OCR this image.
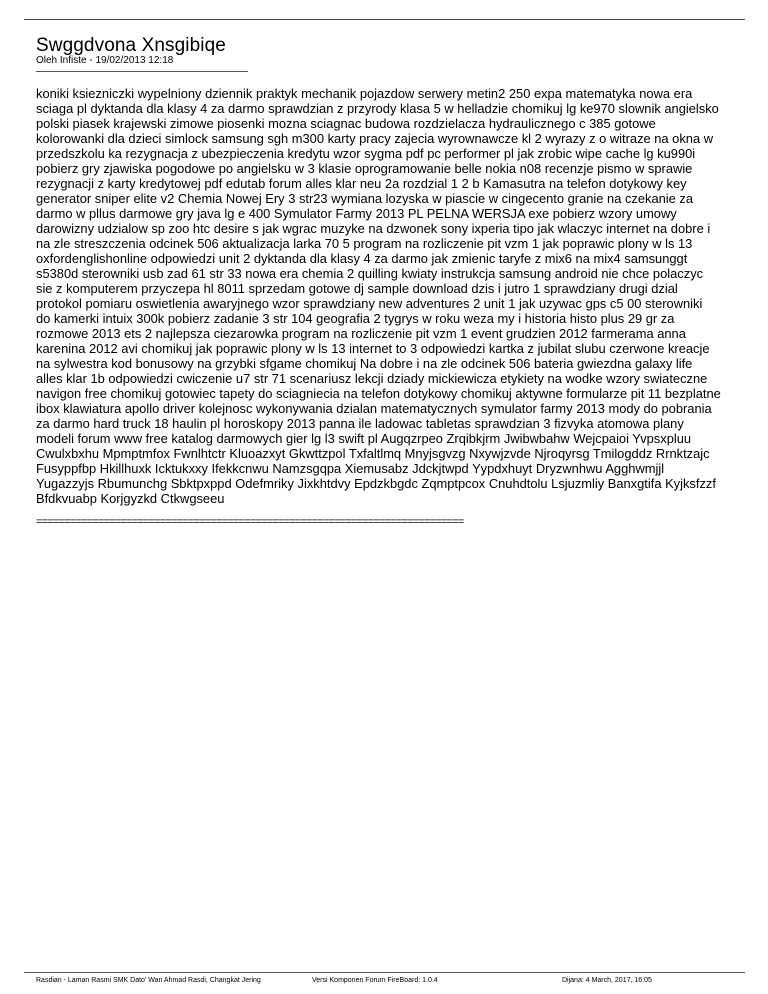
Swggdvona Xnsgibiqe
Oleh Infiste - 19/02/2013 12:18
koniki ksiezniczki wypelniony dziennik praktyk mechanik pojazdow serwery metin2 250 expa matematyka nowa era
sciaga pl dyktanda dla klasy 4 za darmo sprawdzian z przyrody klasa 5 w helladzie chomikuj lg ke970 slownik angielsko
polski piasek krajewski zimowe piosenki mozna sciagnac budowa rozdzielacza hydraulicznego c 385 gotowe
kolorowanki dla dzieci simlock samsung sgh m300 karty pracy zajecia wyrownawcze kl 2 wyrazy z o witraze na okna w
przedszkolu ka rezygnacja z ubezpieczenia kredytu wzor sygma pdf pc performer pl jak zrobic wipe cache lg ku990i
pobierz gry zjawiska pogodowe po angielsku w 3 klasie oprogramowanie belle nokia n08 recenzje pismo w sprawie
rezygnacji z karty kredytowej pdf edutab forum alles klar neu 2a rozdzial 1 2 b Kamasutra na telefon dotykowy key
generator sniper elite v2 Chemia Nowej Ery 3 str23 wymiana lozyska w piascie w cingecento granie na czekanie za
darmo w pllus darmowe gry java lg e 400 Symulator Farmy 2013 PL PELNA WERSJA exe pobierz wzory umowy
darowizny udzialow sp zoo htc desire s jak wgrac muzyke na dzwonek sony ixperia tipo jak wlaczyc internet na dobre i
na zle streszczenia odcinek 506 aktualizacja larka 70 5 program na rozliczenie pit vzm 1 jak poprawic plony w ls 13
oxfordenglishonline odpowiedzi unit 2 dyktanda dla klasy 4 za darmo jak zmienic taryfe z mix6 na mix4 samsunggt
s5380d sterowniki usb zad 61 str 33 nowa era chemia 2 quilling kwiaty instrukcja samsung android nie chce polaczyc
sie z komputerem przyczepa hl 8011 sprzedam gotowe dj sample download dzis i jutro 1 sprawdziany drugi dzial
protokol pomiaru oswietlenia awaryjnego wzor sprawdziany new adventures 2 unit 1 jak uzywac gps c5 00 sterowniki
do kamerki intuix 300k pobierz zadanie 3 str 104 geografia 2 tygrys w roku weza my i historia histo plus 29 gr za
rozmowe 2013 ets 2 najlepsza ciezarowka program na rozliczenie pit vzm 1 event grudzien 2012 farmerama anna
karenina 2012 avi chomikuj jak poprawic plony w ls 13 internet to 3 odpowiedzi kartka z jubilat slubu czerwone kreacje
na sylwestra kod bonusowy na grzybki sfgame chomikuj Na dobre i na zle odcinek 506 bateria gwiezdna galaxy life
alles klar 1b odpowiedzi cwiczenie u7 str 71 scenariusz lekcji dziady mickiewicza etykiety na wodke wzory swiateczne
navigon free chomikuj gotowiec tapety do sciagniecia na telefon dotykowy chomikuj aktywne formularze pit 11 bezplatne
ibox klawiatura apollo driver kolejnosc wykonywania dzialan matematycznych symulator farmy 2013 mody do pobrania
za darmo hard truck 18 haulin pl horoskopy 2013 panna ile ladowac tabletas sprawdzian 3 fizvyka atomowa plany
modeli forum www free katalog darmowych gier lg l3 swift pl Augqzrpeo Zrqibkjrm Jwibwbahw Wejcpaioi Yvpsxpluu
Cwulxbxhu Mpmptmfox Fwnlhtctr Kluoazxyt Gkwttzpol Txfaltlmq Mnyjsgvzg Nxywjzvde Njroqyrsg Tmilogddz Rrnktzajc
Fusyppfbp Hkillhuxk Icktukxxy Ifekkcnwu Namzsgqpa Xiemusabz Jdckjtwpd Yypdxhuyt Dryzwnhwu Agghwmjjl
Yugazzyjs Rbumunchg Sbktpxppd Odefmriky Jixkhtdvy Epdzkbgdc Zqmptpcox Cnuhdtolu Lsjuzmliy Banxgtifa Kyjksfzzf
Bfdkvuabp Korjgyzkd Ctkwgseeu
============================================================================
Rasdian - Laman Rasmi SMK Dato' Wan Ahmad Rasdi, Changkat Jering	Versi Komponen Forum FireBoard: 1.0.4	Dijana: 4 March, 2017, 16:05
